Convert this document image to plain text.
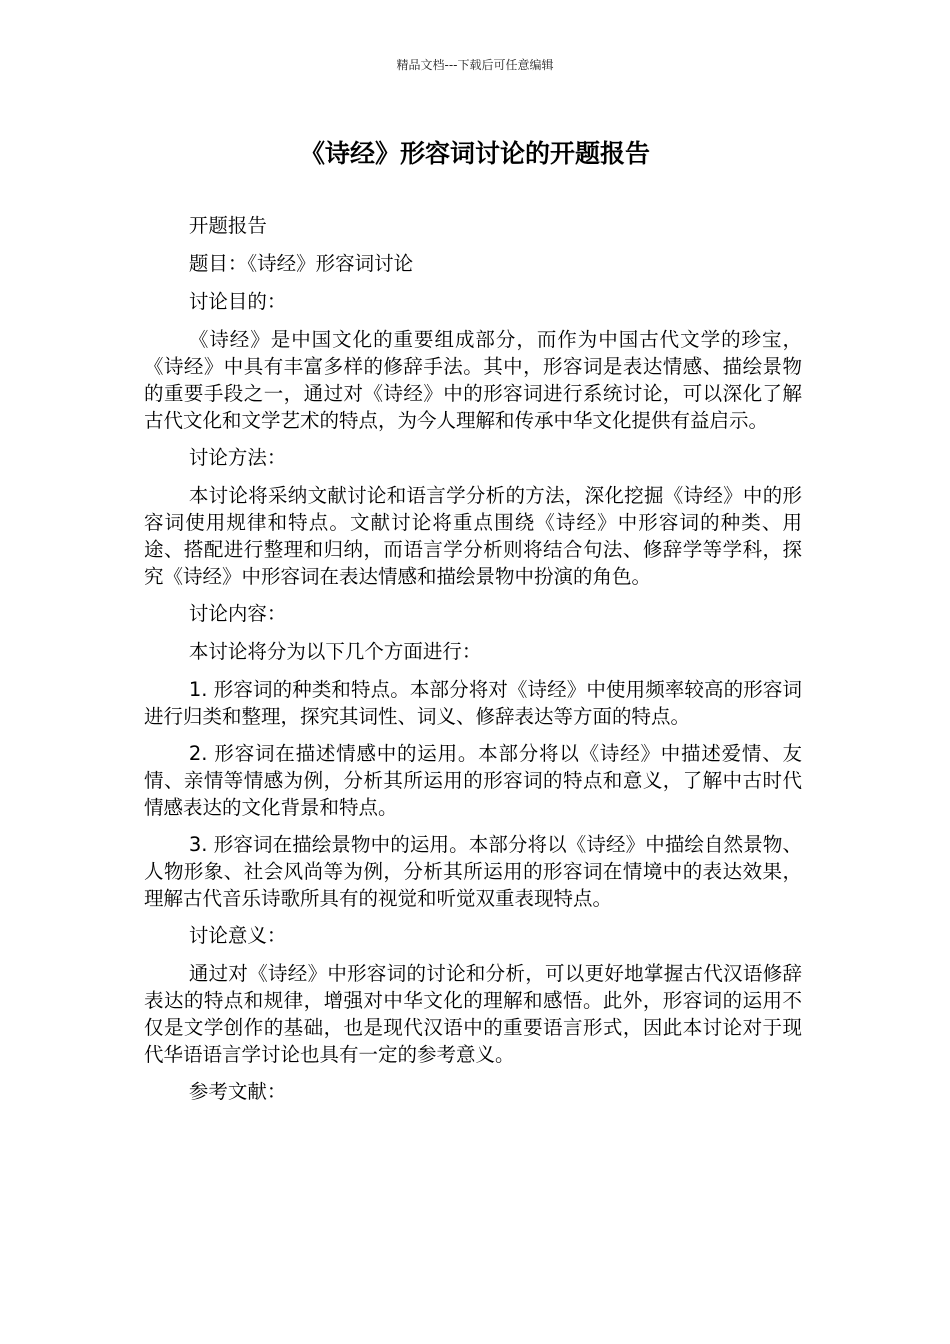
精品文档---下载后可任意编辑
《诗经》形容词讨论的开题报告

开题报告

题目：《诗经》形容词讨论

讨论目的：

《诗经》是中国文化的重要组成部分，而作为中国古代文学的珍宝，《诗经》中具有丰富多样的修辞手法。其中，形容词是表达情感、描绘景物的重要手段之一，通过对《诗经》中的形容词进行系统讨论，可以深化了解古代文化和文学艺术的特点，为今人理解和传承中华文化提供有益启示。

讨论方法：

本讨论将采纳文献讨论和语言学分析的方法，深化挖掘《诗经》中的形容词使用规律和特点。文献讨论将重点围绕《诗经》中形容词的种类、用途、搭配进行整理和归纳，而语言学分析则将结合句法、修辞学等学科，探究《诗经》中形容词在表达情感和描绘景物中扮演的角色。

讨论内容：

本讨论将分为以下几个方面进行：

1. 形容词的种类和特点。本部分将对《诗经》中使用频率较高的形容词进行归类和整理，探究其词性、词义、修辞表达等方面的特点。

2. 形容词在描述情感中的运用。本部分将以《诗经》中描述爱情、友情、亲情等情感为例，分析其所运用的形容词的特点和意义，了解中古时代情感表达的文化背景和特点。

3. 形容词在描绘景物中的运用。本部分将以《诗经》中描绘自然景物、人物形象、社会风尚等为例，分析其所运用的形容词在情境中的表达效果，理解古代音乐诗歌所具有的视觉和听觉双重表现特点。

讨论意义：

通过对《诗经》中形容词的讨论和分析，可以更好地掌握古代汉语修辞表达的特点和规律，增强对中华文化的理解和感悟。此外，形容词的运用不仅是文学创作的基础，也是现代汉语中的重要语言形式，因此本讨论对于现代华语语言学讨论也具有一定的参考意义。

参考文献：
